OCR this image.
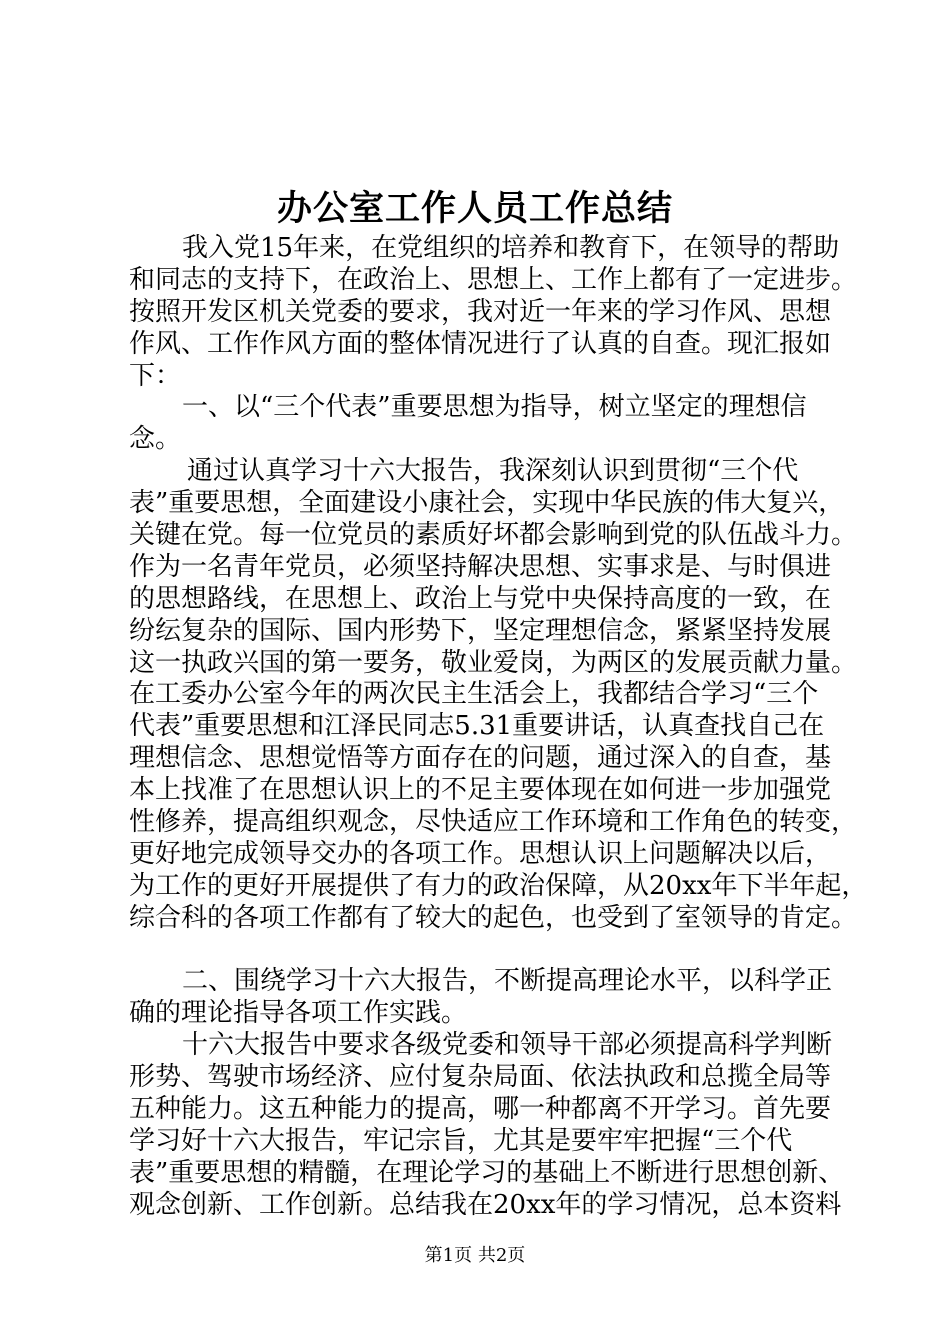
办公室工作人员工作总结
我入党15年来，在党组织的培养和教育下，在领导的帮助
和同志的支持下，在政治上、思想上、工作上都有了一定进步。
按照开发区机关党委的要求，我对近一年来的学习作风、思想
作风、工作作风方面的整体情况进行了认真的自查。现汇报如
下：
一、以“三个代表”重要思想为指导，树立坚定的理想信
念。
通过认真学习十六大报告，我深刻认识到贯彻“三个代
表”重要思想，全面建设小康社会，实现中华民族的伟大复兴，
关键在党。每一位党员的素质好坏都会影响到党的队伍战斗力。
作为一名青年党员，必须坚持解决思想、实事求是、与时俱进
的思想路线，在思想上、政治上与党中央保持高度的一致，在
纷纭复杂的国际、国内形势下，坚定理想信念，紧紧坚持发展
这一执政兴国的第一要务，敬业爱岗，为两区的发展贡献力量。
在工委办公室今年的两次民主生活会上，我都结合学习“三个
代表”重要思想和江泽民同志5.31重要讲话，认真查找自己在
理想信念、思想觉悟等方面存在的问题，通过深入的自查，基
本上找准了在思想认识上的不足主要体现在如何进一步加强党
性修养，提高组织观念，尽快适应工作环境和工作角色的转变，
更好地完成领导交办的各项工作。思想认识上问题解决以后，
为工作的更好开展提供了有力的政治保障，从20xx年下半年起，
综合科的各项工作都有了较大的起色，也受到了室领导的肯定。
二、围绕学习十六大报告，不断提高理论水平，以科学正
确的理论指导各项工作实践。
十六大报告中要求各级党委和领导干部必须提高科学判断
形势、驾驶市场经济、应付复杂局面、依法执政和总揽全局等
五种能力。这五种能力的提高，哪一种都离不开学习。首先要
学习好十六大报告，牢记宗旨，尤其是要牢牢把握“三个代
表”重要思想的精髓，在理论学习的基础上不断进行思想创新、
观念创新、工作创新。总结我在20xx年的学习情况，总本资料
第1页 共2页
